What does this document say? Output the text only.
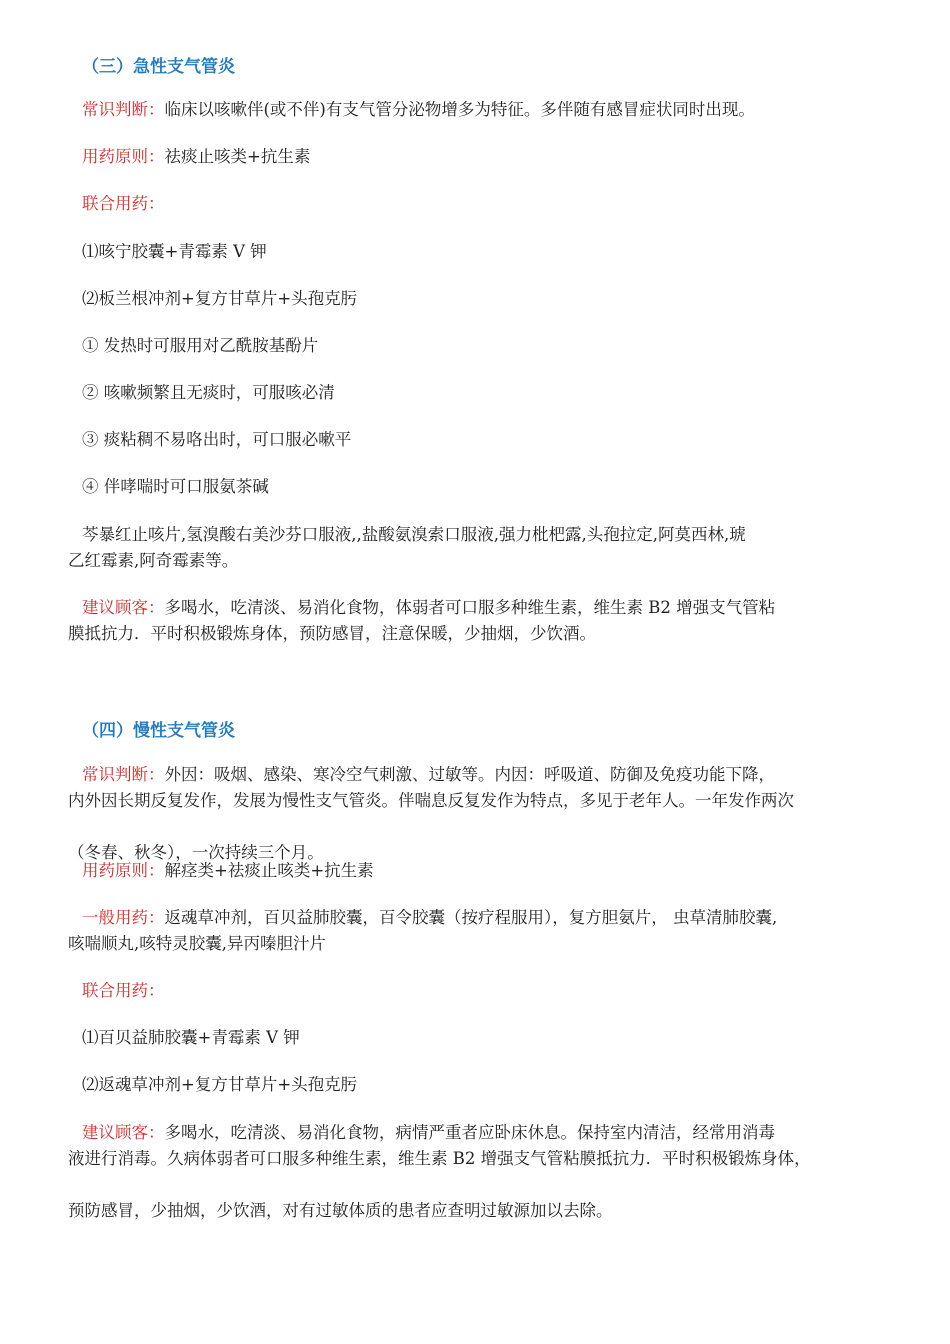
（三）急性支气管炎
常识判断：临床以咳嗽伴(或不伴)有支气管分泌物增多为特征。多伴随有感冒症状同时出现。
用药原则：祛痰止咳类+抗生素
联合用药：
⑴咳宁胶囊+青霉素 V 钾
⑵板兰根冲剂+复方甘草片+头孢克肟
① 发热时可服用对乙酰胺基酚片
② 咳嗽频繁且无痰时，可服咳必清
③ 痰粘稠不易咯出时，可口服必嗽平
④ 伴哮喘时可口服氨茶碱
芩暴红止咳片,氢溴酸右美沙芬口服液,,盐酸氨溴索口服液,强力枇杷露,头孢拉定,阿莫西林,琥

乙红霉素,阿奇霉素等。
建议顾客：多喝水，吃清淡、易消化食物，体弱者可口服多种维生素，维生素 B2 增强支气管粘

膜抵抗力．平时积极锻炼身体，预防感冒，注意保暖，少抽烟，少饮酒。
（四）慢性支气管炎
常识判断：外因：吸烟、感染、寒冷空气刺激、过敏等。内因：呼吸道、防御及免疫功能下降，

内外因长期反复发作，发展为慢性支气管炎。伴喘息反复发作为特点，多见于老年人。一年发作两次

（冬春、秋冬），一次持续三个月。
用药原则：解痉类+祛痰止咳类+抗生素
一般用药：返魂草冲剂，百贝益肺胶囊，百令胶囊（按疗程服用），复方胆氨片， 虫草清肺胶囊,

咳喘顺丸,咳特灵胶囊,异丙嗪胆汁片
联合用药：
⑴百贝益肺胶囊+青霉素 V 钾
⑵返魂草冲剂+复方甘草片+头孢克肟
建议顾客：多喝水，吃清淡、易消化食物，病情严重者应卧床休息。保持室内清洁，经常用消毒

液进行消毒。久病体弱者可口服多种维生素，维生素 B2 增强支气管粘膜抵抗力．平时积极锻炼身体，

预防感冒，少抽烟，少饮酒，对有过敏体质的患者应查明过敏源加以去除。
